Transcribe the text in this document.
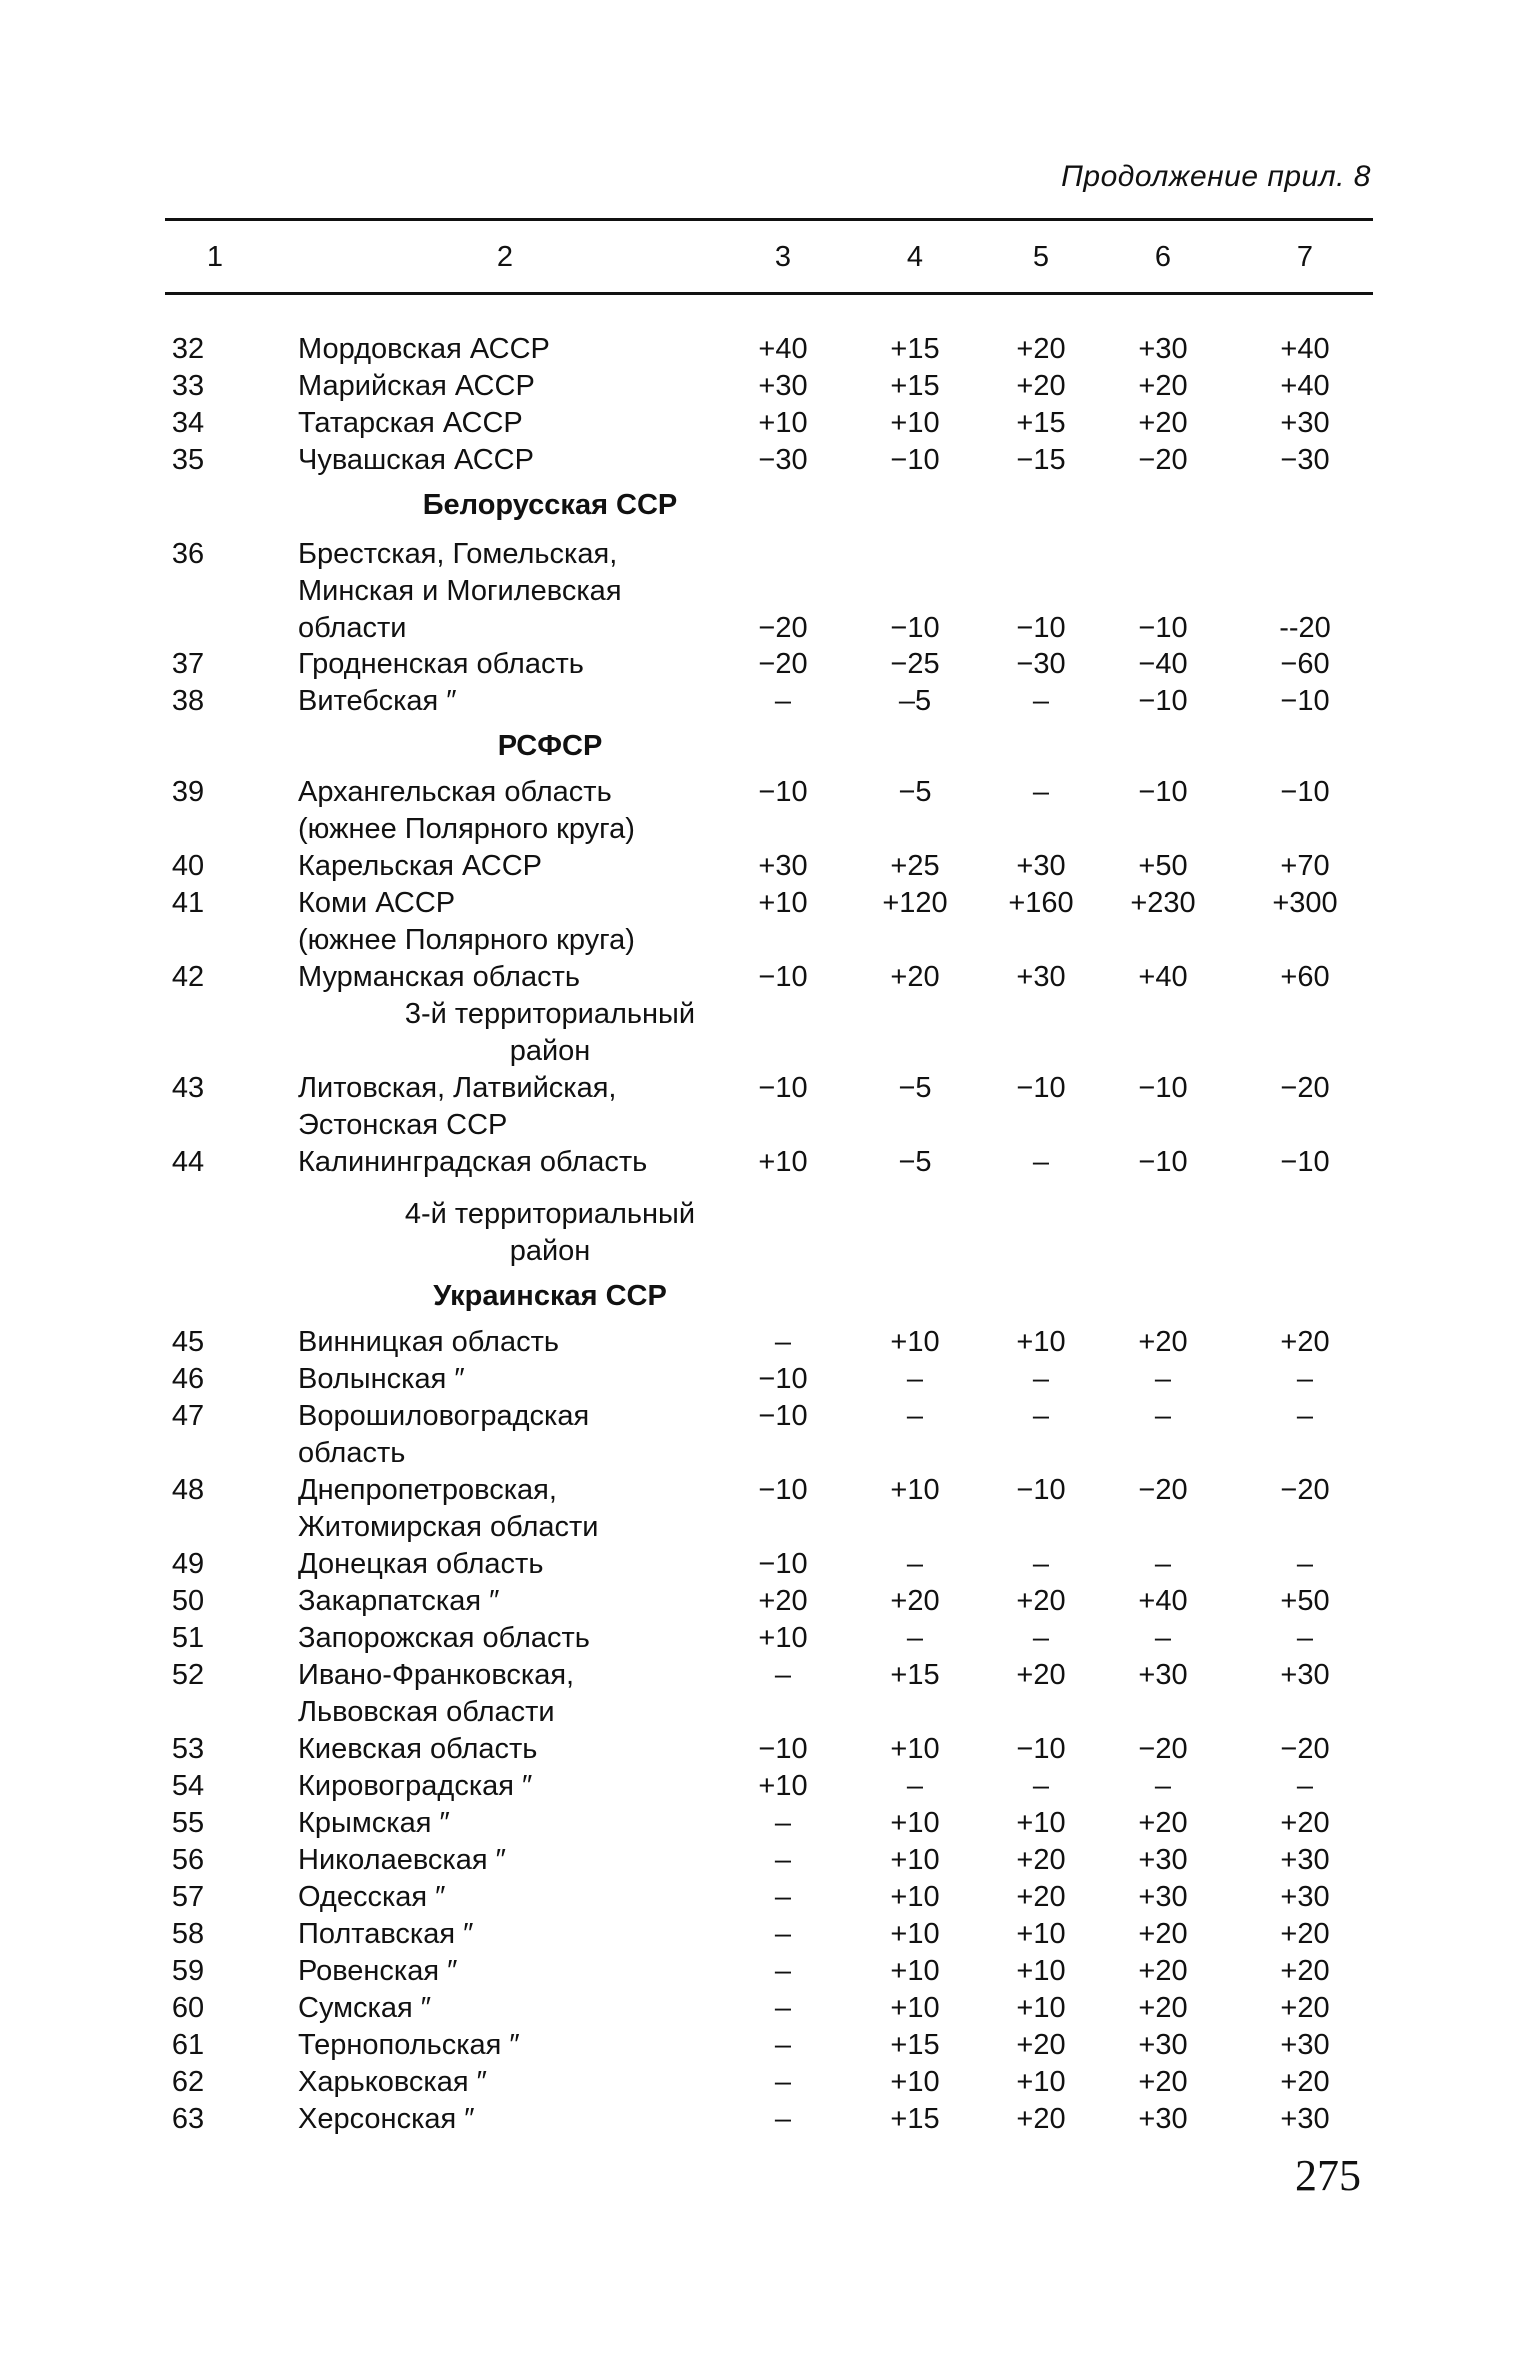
Продолжение прил. 8
1	2	3	4	5	6	7
32	Мордовская АССР	+40	+15	+20	+30	+40
33	Марийская АССР	+30	+15	+20	+20	+40
34	Татарская АССР	+10	+10	+15	+20	+30
35	Чувашская АССР	−30	−10	−15	−20	−30
Белорусская ССР
36	Брестская, Гомельская,
Минская и Могилевская
области	−20	−10	−10	−10	--20
37	Гродненская область	−20	−25	−30	−40	−60
38	Витебская ″	–	–5	–	−10	−10
РСФСР
39	Архангельская область
(южнее Полярного круга)
−10	−5	–	−10	−10
40	Карельская АССР	+30	+25	+30	+50	+70
41	Коми АССР
(южнее Полярного круга)
+10	+120	+160	+230	+300
42	Мурманская область	−10	+20	+30	+40	+60
3-й территориальный
район
43	Литовская, Латвийская,
Эстонская ССР
−10	−5	−10	−10	−20
44	Калининградская область	+10	−5	–	−10	−10
4-й территориальный
район
Украинская ССР
45	Винницкая область	–	+10	+10	+20	+20
46	Волынская ″	−10	–	–	–	–
47	Ворошиловоградская
область
−10	–	–	–	–
48	Днепропетровская,
Житомирская области
−10	+10	−10	−20	−20
49	Донецкая область	−10	–	–	–	–
50	Закарпатская ″	+20	+20	+20	+40	+50
51	Запорожская область	+10	–	–	–	–
52	Ивано-Франковская,
Львовская области
–	+15	+20	+30	+30
53	Киевская область	−10	+10	−10	−20	−20
54	Кировоградская ″	+10	–	–	–	–
55	Крымская ″	–	+10	+10	+20	+20
56	Николаевская ″	–	+10	+20	+30	+30
57	Одесская ″	–	+10	+20	+30	+30
58	Полтавская ″	–	+10	+10	+20	+20
59	Ровенская ″	–	+10	+10	+20	+20
60	Сумская ″	–	+10	+10	+20	+20
61	Тернопольская ″	–	+15	+20	+30	+30
62	Харьковская ″	–	+10	+10	+20	+20
63	Херсонская ″	–	+15	+20	+30	+30
275
